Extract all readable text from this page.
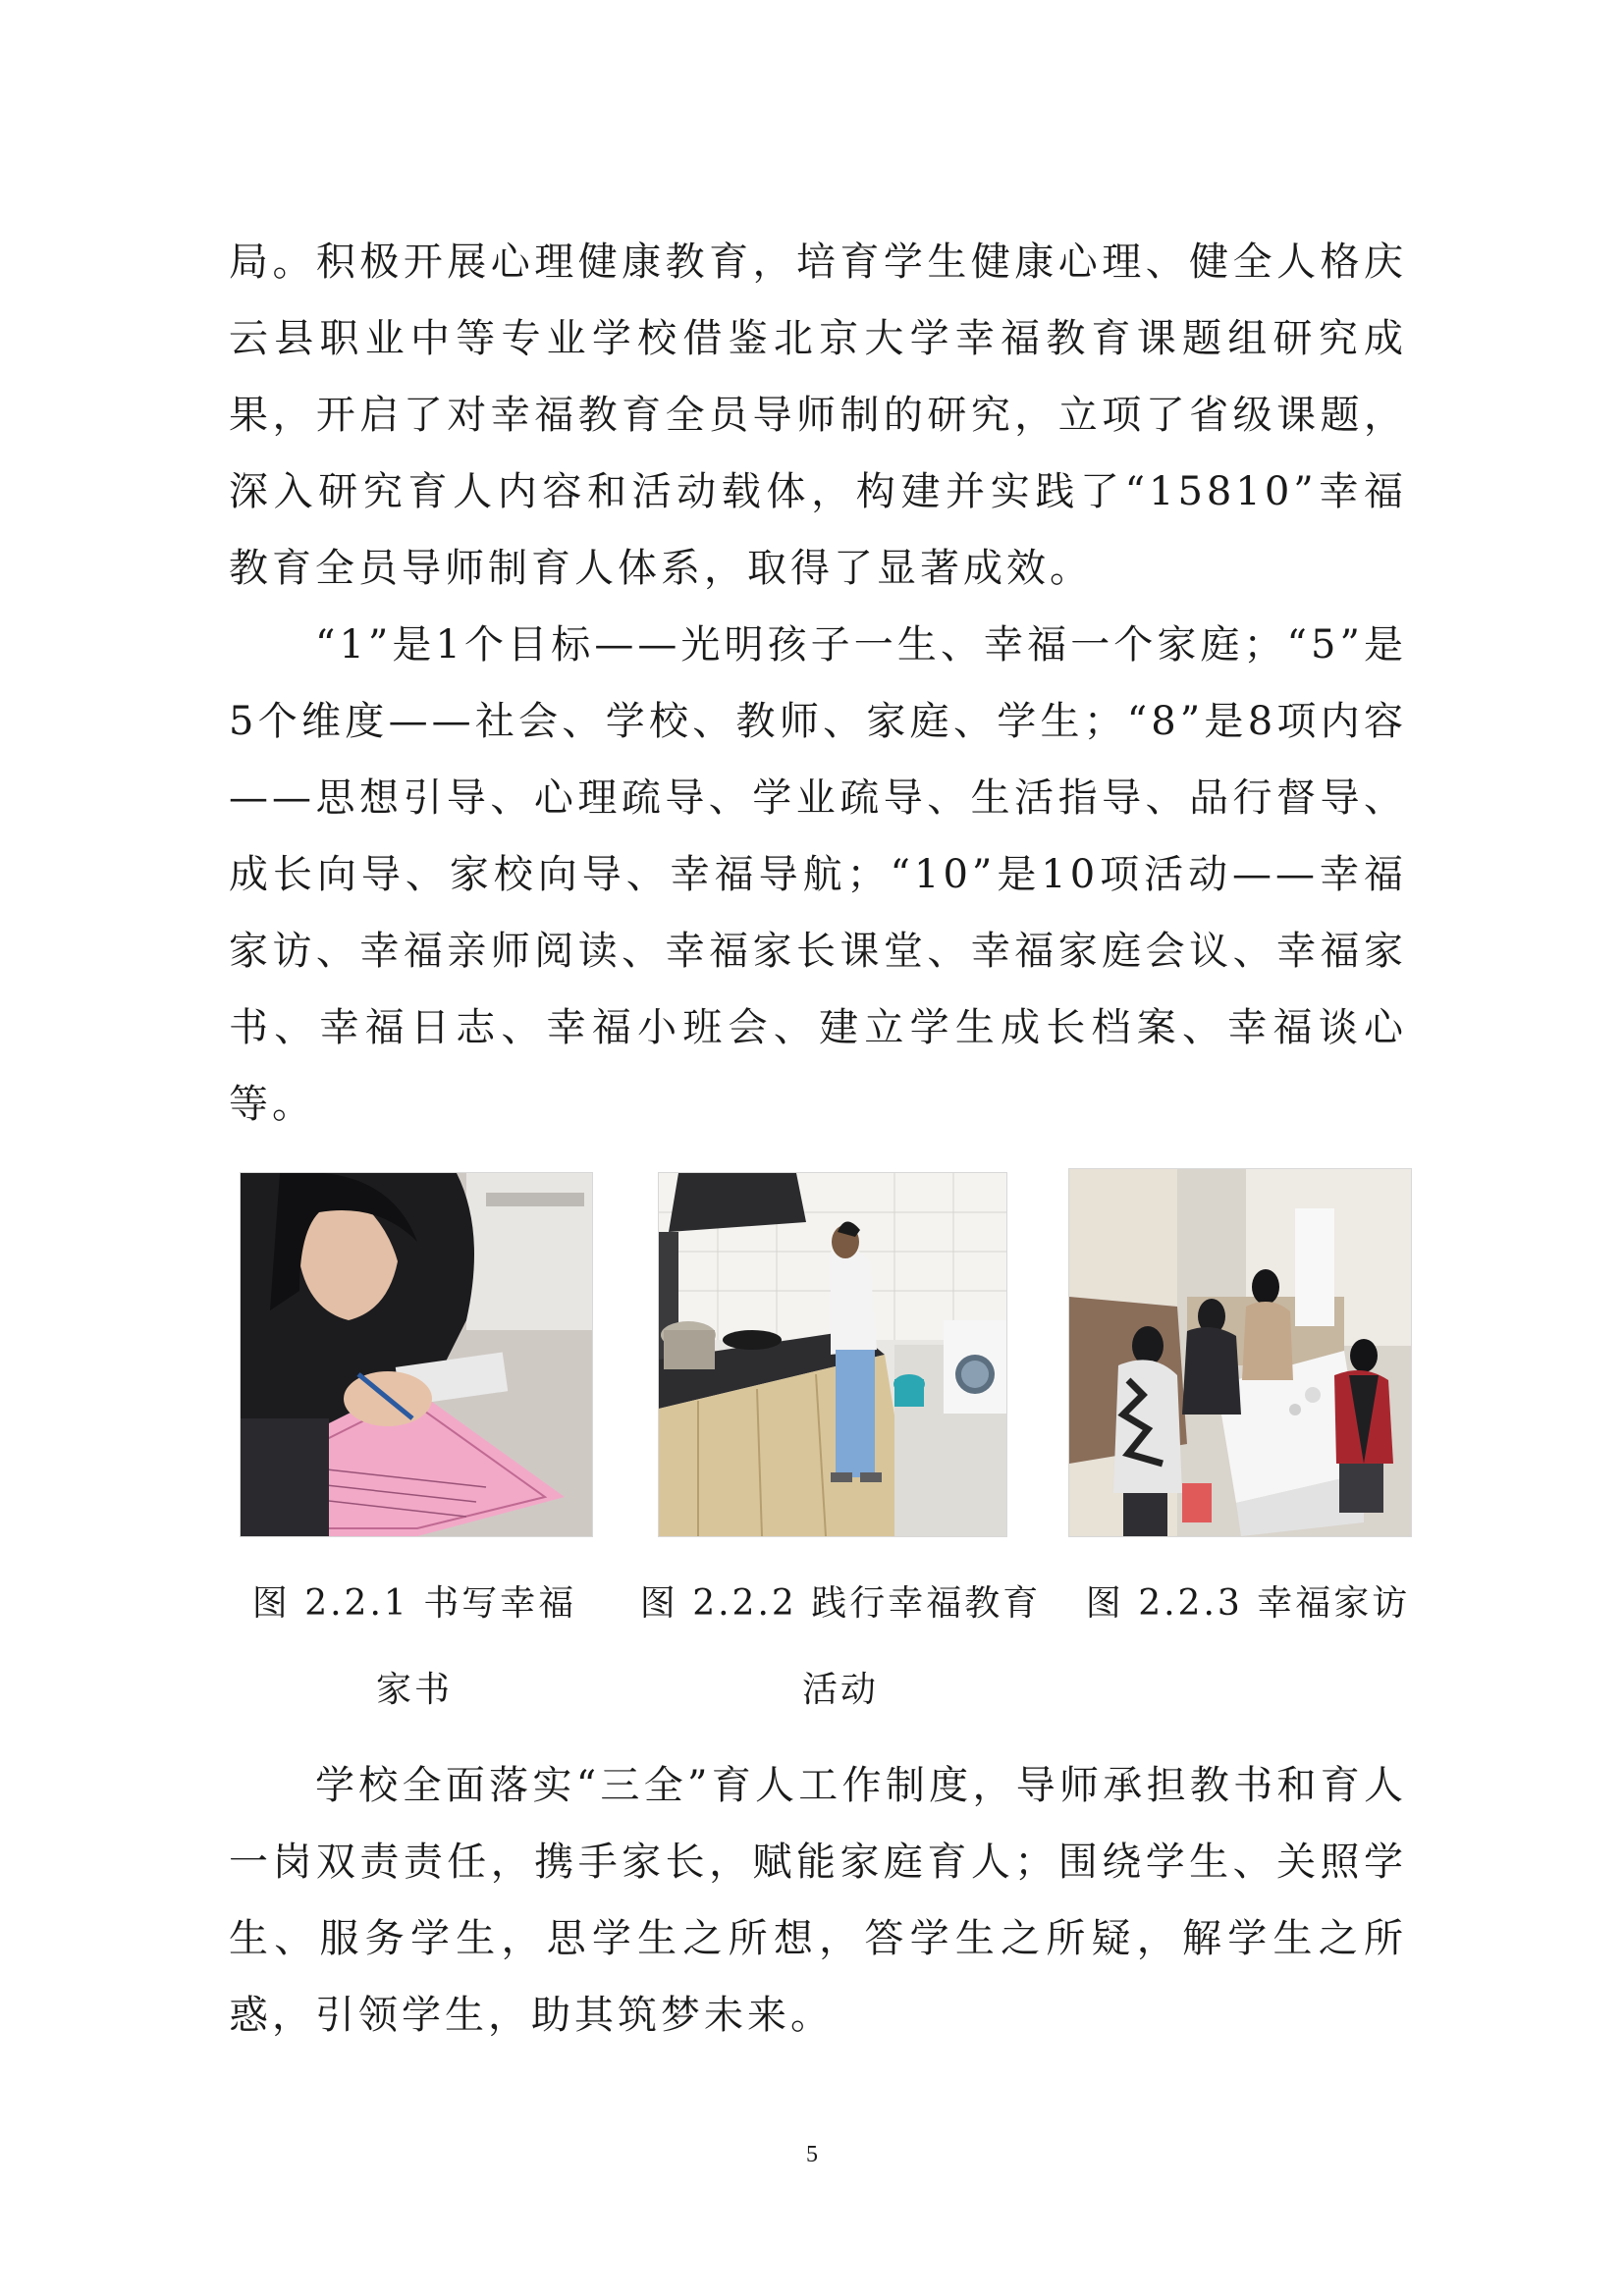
局。积极开展心理健康教育，培育学生健康心理、健全人格庆云县职业中等专业学校借鉴北京大学幸福教育课题组研究成果，开启了对幸福教育全员导师制的研究，立项了省级课题，深入研究育人内容和活动载体，构建并实践了“15810”幸福教育全员导师制育人体系，取得了显著成效。

“1”是1个目标——光明孩子一生、幸福一个家庭；“5”是5个维度——社会、学校、教师、家庭、学生；“8”是8项内容——思想引导、心理疏导、学业疏导、生活指导、品行督导、成长向导、家校向导、幸福导航；“10”是10项活动——幸福家访、幸福亲师阅读、幸福家长课堂、幸福家庭会议、幸福家书、幸福日志、幸福小班会、建立学生成长档案、幸福谈心等。

图 2.2.1 书写幸福
家书
图 2.2.2 践行幸福教育
活动
图 2.2.3 幸福家访

学校全面落实“三全”育人工作制度，导师承担教书和育人一岗双责责任，携手家长，赋能家庭育人；围绕学生、关照学生、服务学生，思学生之所想，答学生之所疑，解学生之所惑，引领学生，助其筑梦未来。

5
